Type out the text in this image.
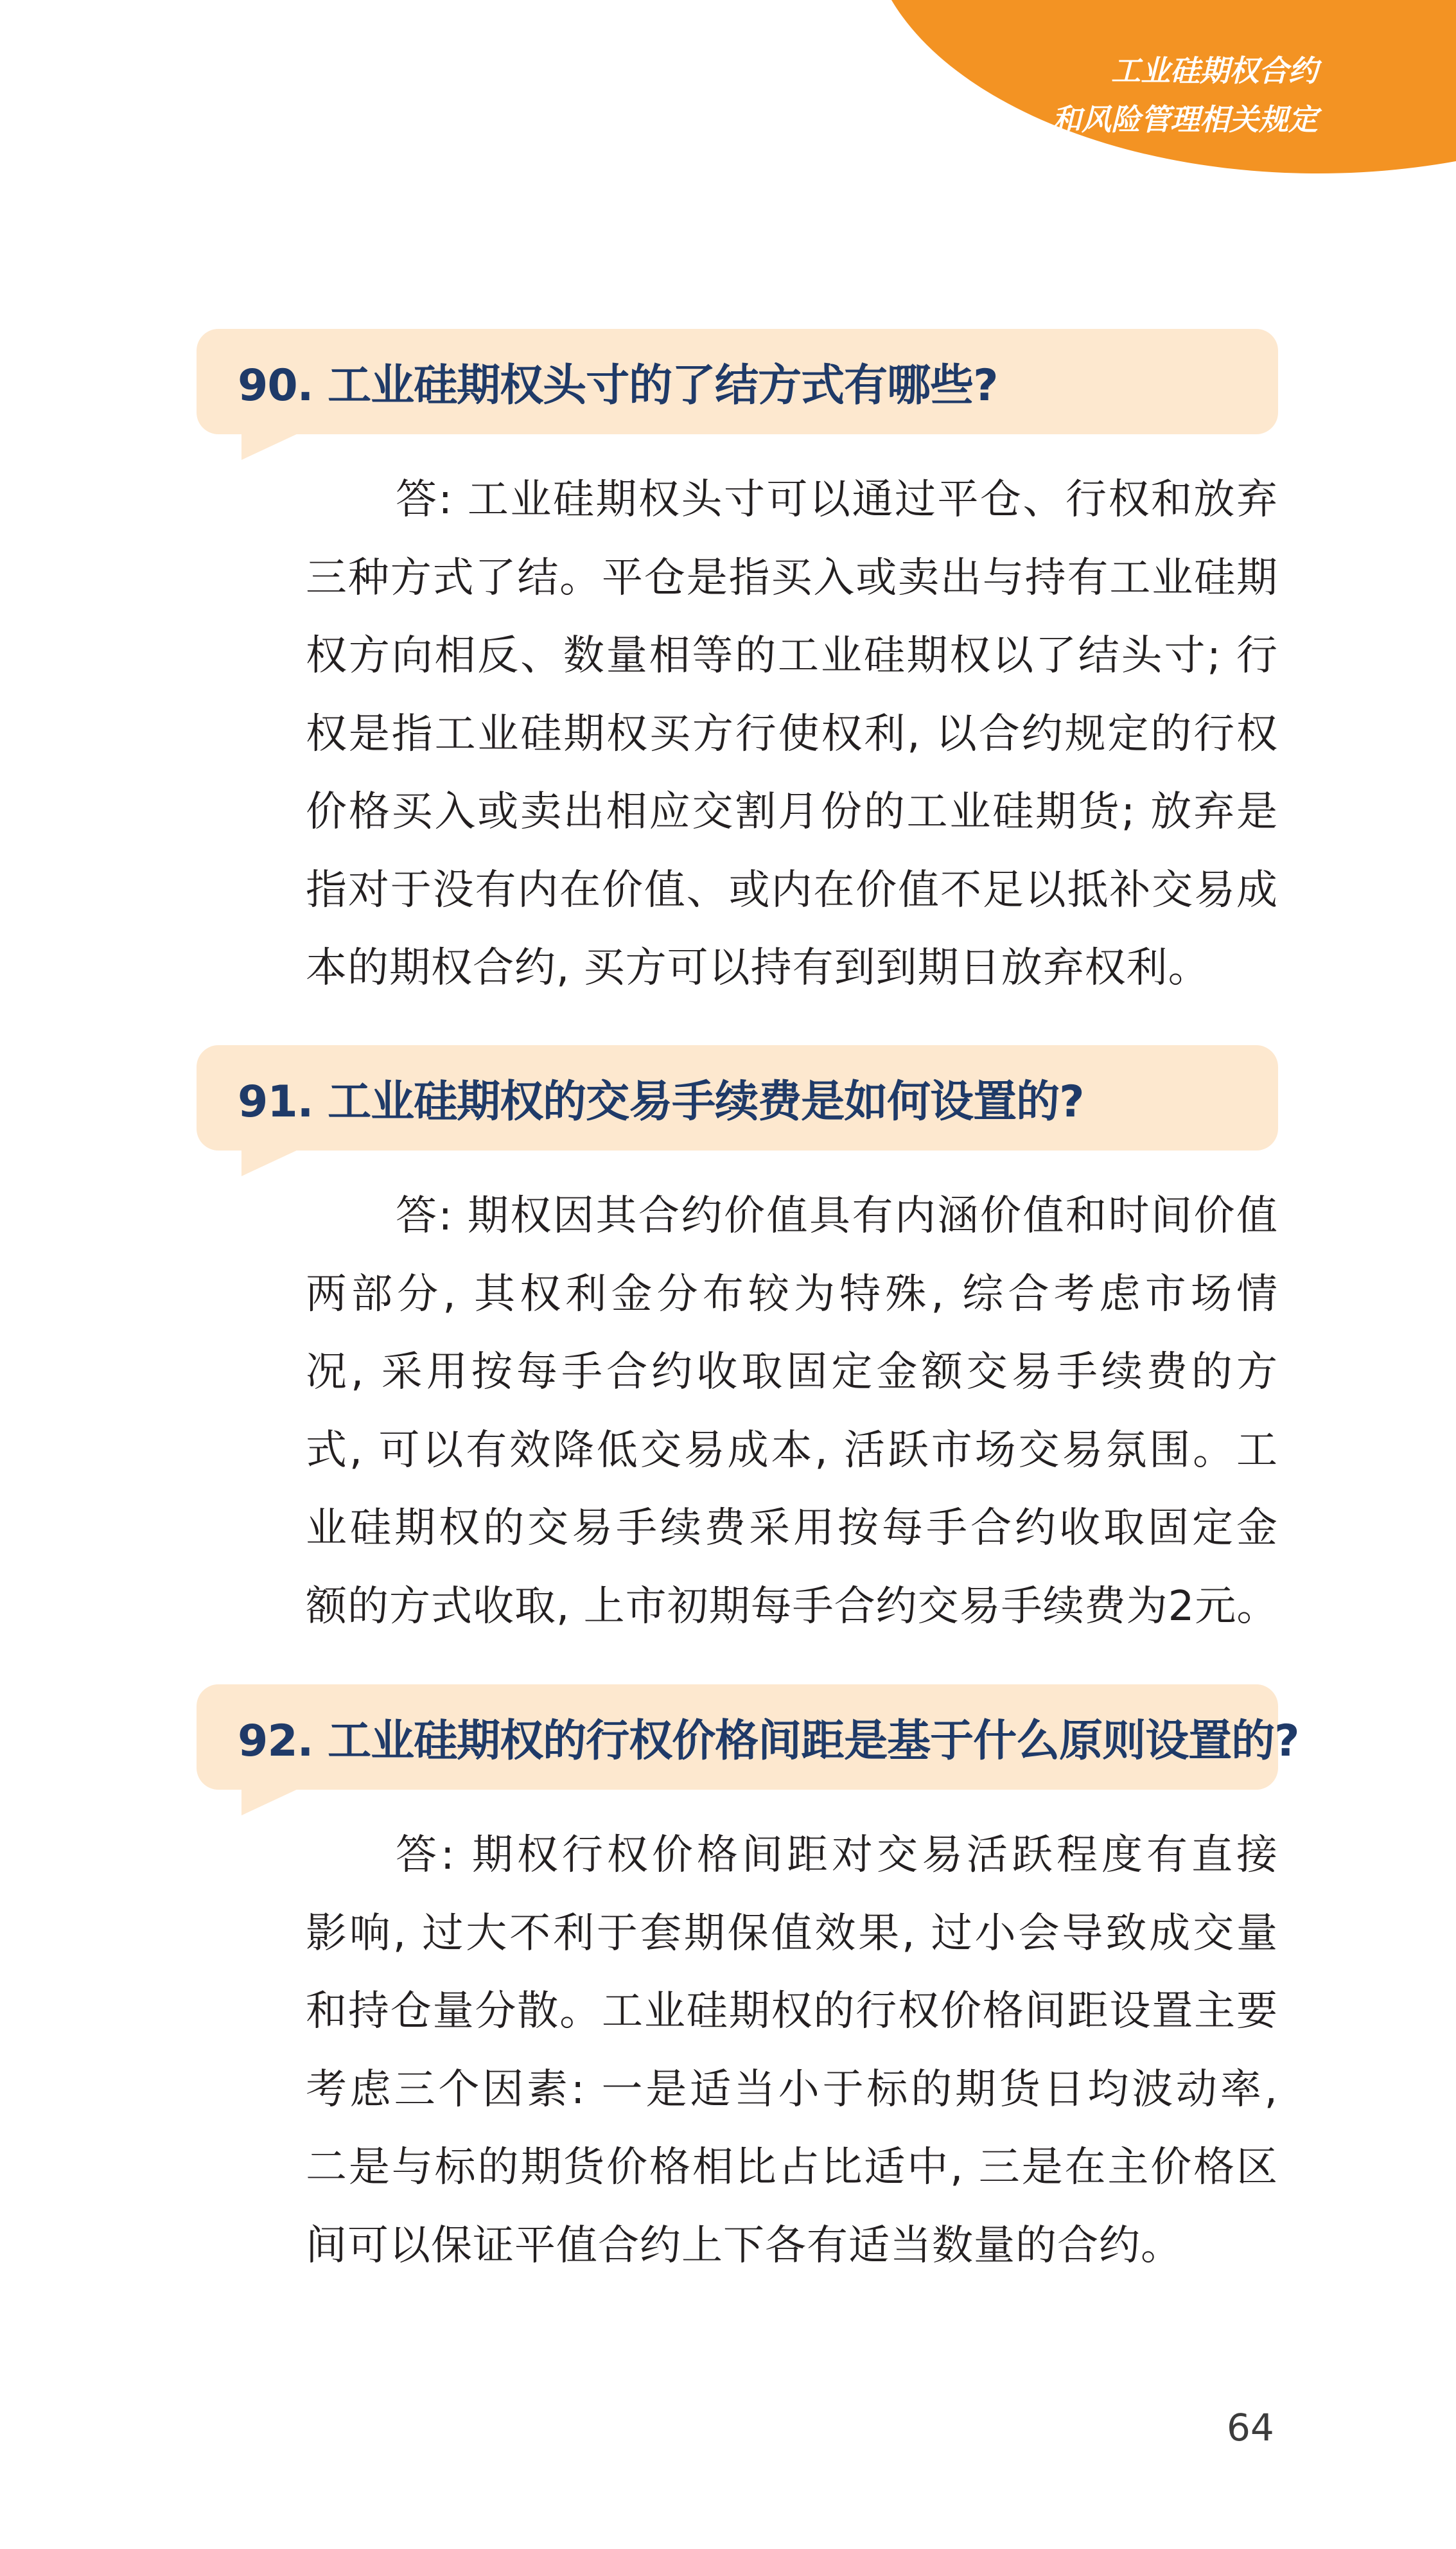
工业硅期权合约
和风险管理相关规定
90. 工业硅期权头寸的了结方式有哪些?
答: 工业硅期权头寸可以通过平仓、行权和放弃
三种方式了结。平仓是指买入或卖出与持有工业硅期
权方向相反、数量相等的工业硅期权以了结头寸; 行
权是指工业硅期权买方行使权利, 以合约规定的行权
价格买入或卖出相应交割月份的工业硅期货; 放弃是
指对于没有内在价值、或内在价值不足以抵补交易成
本的期权合约, 买方可以持有到到期日放弃权利。
91. 工业硅期权的交易手续费是如何设置的?
答: 期权因其合约价值具有内涵价值和时间价值
两部分, 其权利金分布较为特殊, 综合考虑市场情
况, 采用按每手合约收取固定金额交易手续费的方
式, 可以有效降低交易成本, 活跃市场交易氛围。工
业硅期权的交易手续费采用按每手合约收取固定金
额的方式收取, 上市初期每手合约交易手续费为2元。
92. 工业硅期权的行权价格间距是基于什么原则设置的?
答: 期权行权价格间距对交易活跃程度有直接
影响, 过大不利于套期保值效果, 过小会导致成交量
和持仓量分散。工业硅期权的行权价格间距设置主要
考虑三个因素: 一是适当小于标的期货日均波动率,
二是与标的期货价格相比占比适中, 三是在主价格区
间可以保证平值合约上下各有适当数量的合约。
64
